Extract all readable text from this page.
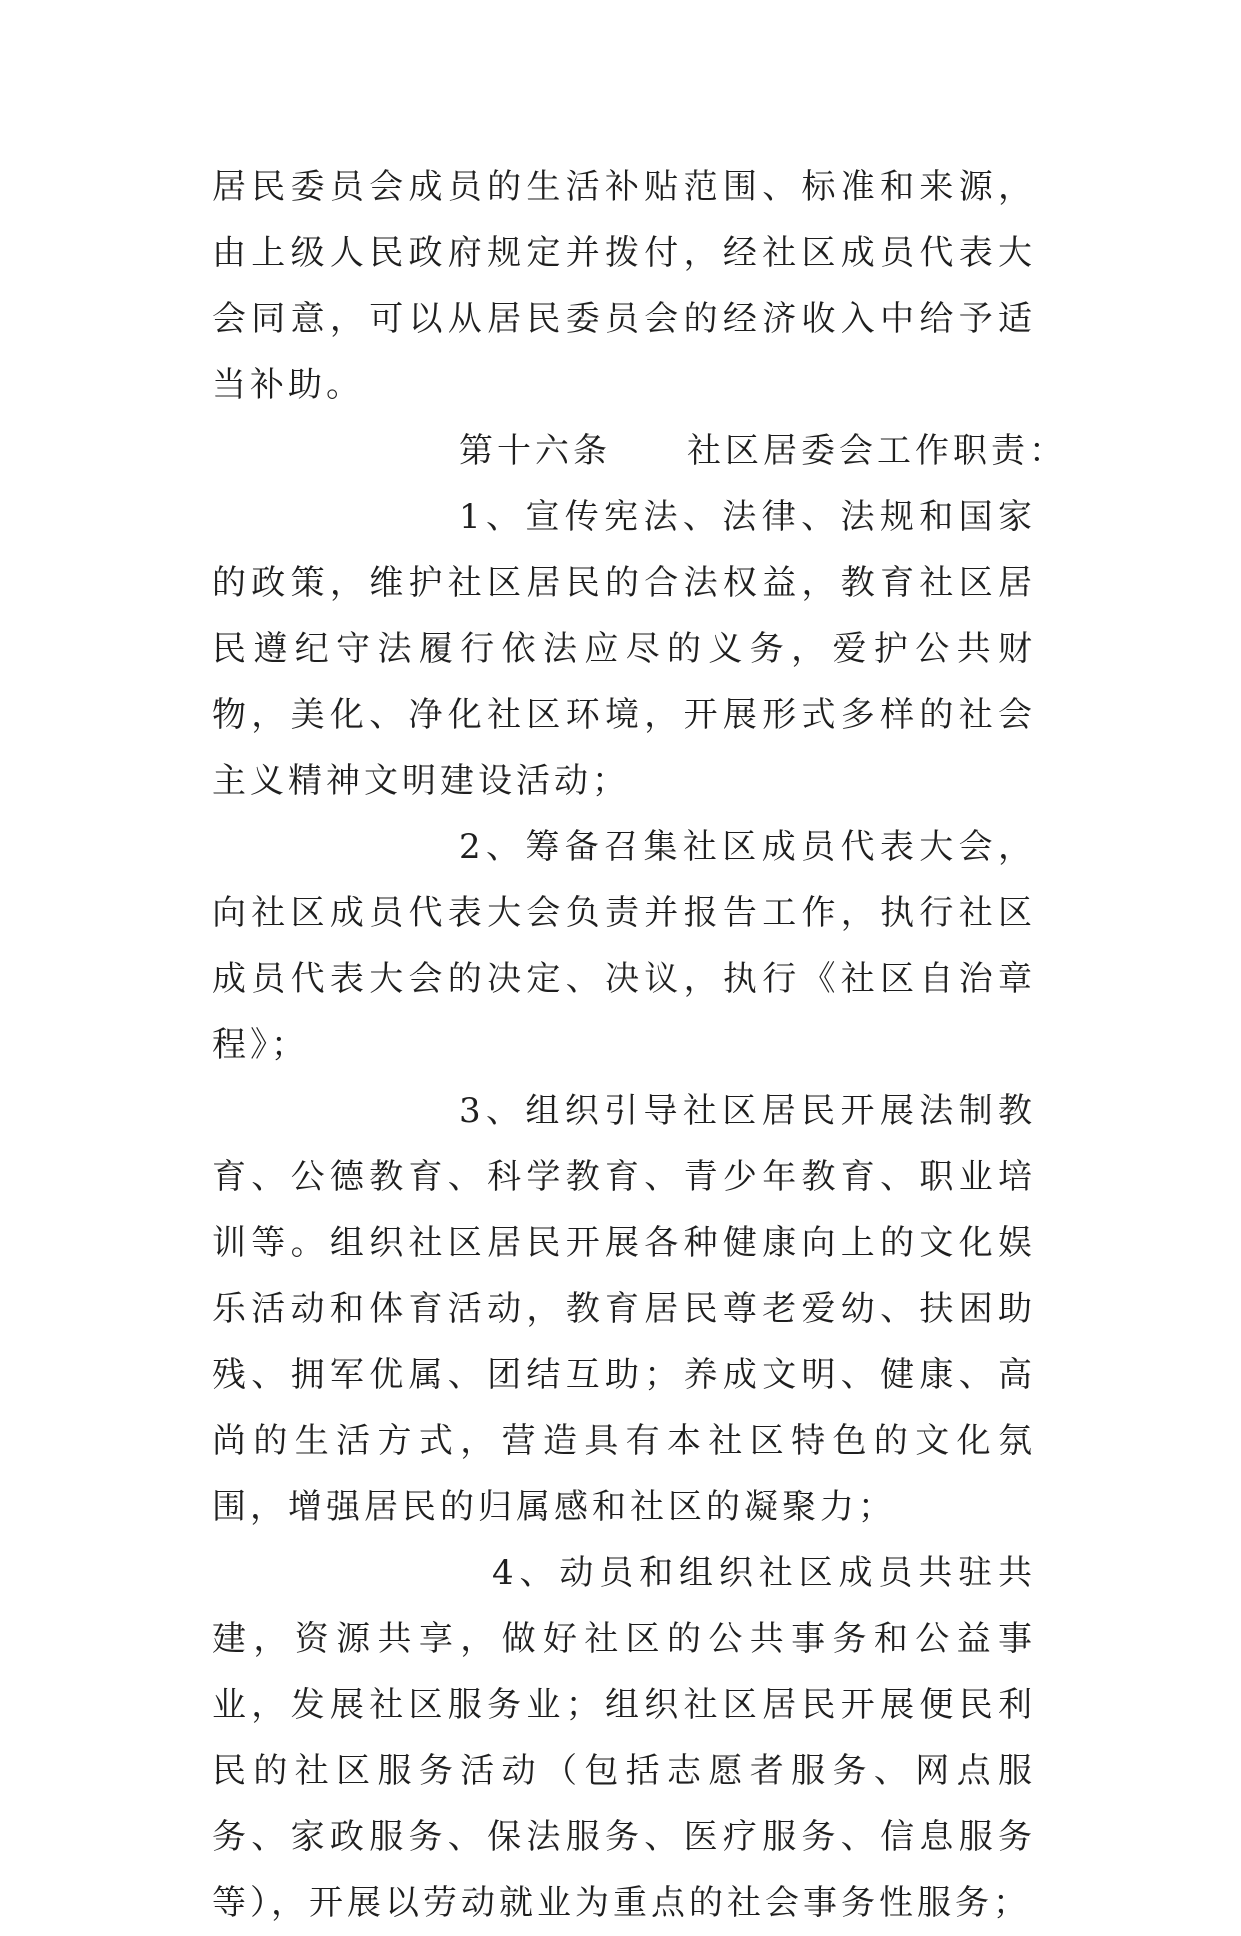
居民委员会成员的生活补贴范围、标准和来源，由上级人民政府规定并拨付，经社区成员代表大会同意，可以从居民委员会的经济收入中给予适当补助。

第十六条　　社区居委会工作职责：

1、宣传宪法、法律、法规和国家的政策，维护社区居民的合法权益，教育社区居民遵纪守法履行依法应尽的义务，爱护公共财物，美化、净化社区环境，开展形式多样的社会主义精神文明建设活动；

2、筹备召集社区成员代表大会，向社区成员代表大会负责并报告工作，执行社区成员代表大会的决定、决议，执行《社区自治章程》；

3、组织引导社区居民开展法制教育、公德教育、科学教育、青少年教育、职业培训等。组织社区居民开展各种健康向上的文化娱乐活动和体育活动，教育居民尊老爱幼、扶困助残、拥军优属、团结互助；养成文明、健康、高尚的生活方式，营造具有本社区特色的文化氛围，增强居民的归属感和社区的凝聚力；

4、动员和组织社区成员共驻共建，资源共享，做好社区的公共事务和公益事业，发展社区服务业；组织社区居民开展便民利民的社区服务活动（包括志愿者服务、网点服务、家政服务、保法服务、医疗服务、信息服务等），开展以劳动就业为重点的社会事务性服务；
